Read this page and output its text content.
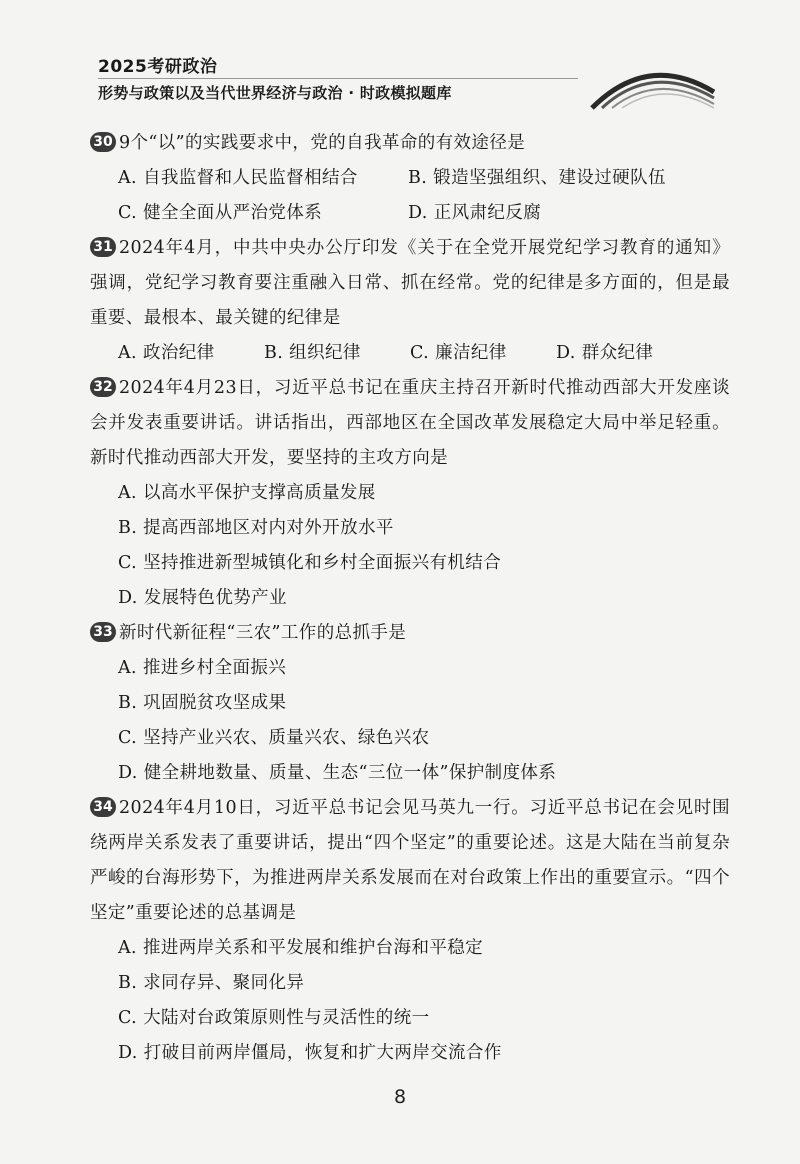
2025考研政治
形势与政策以及当代世界经济与政治 · 时政模拟题库

30 9个“以”的实践要求中，党的自我革命的有效途径是

A. 自我监督和人民监督相结合	B. 锻造坚强组织、建设过硬队伍
C. 健全全面从严治党体系	D. 正风肃纪反腐

31 2024年4月，中共中央办公厅印发《关于在全党开展党纪学习教育的通知》强调，党纪学习教育要注重融入日常、抓在经常。党的纪律是多方面的，但是最重要、最根本、最关键的纪律是

A. 政治纪律	B. 组织纪律	C. 廉洁纪律	D. 群众纪律

32 2024年4月23日，习近平总书记在重庆主持召开新时代推动西部大开发座谈会并发表重要讲话。讲话指出，西部地区在全国改革发展稳定大局中举足轻重。新时代推动西部大开发，要坚持的主攻方向是

A. 以高水平保护支撑高质量发展
B. 提高西部地区对内对外开放水平
C. 坚持推进新型城镇化和乡村全面振兴有机结合
D. 发展特色优势产业

33 新时代新征程“三农”工作的总抓手是

A. 推进乡村全面振兴
B. 巩固脱贫攻坚成果
C. 坚持产业兴农、质量兴农、绿色兴农
D. 健全耕地数量、质量、生态“三位一体”保护制度体系

34 2024年4月10日，习近平总书记会见马英九一行。习近平总书记在会见时围绕两岸关系发表了重要讲话，提出“四个坚定”的重要论述。这是大陆在当前复杂严峻的台海形势下，为推进两岸关系发展而在对台政策上作出的重要宣示。“四个坚定”重要论述的总基调是

A. 推进两岸关系和平发展和维护台海和平稳定
B. 求同存异、聚同化异
C. 大陆对台政策原则性与灵活性的统一
D. 打破目前两岸僵局，恢复和扩大两岸交流合作
8
